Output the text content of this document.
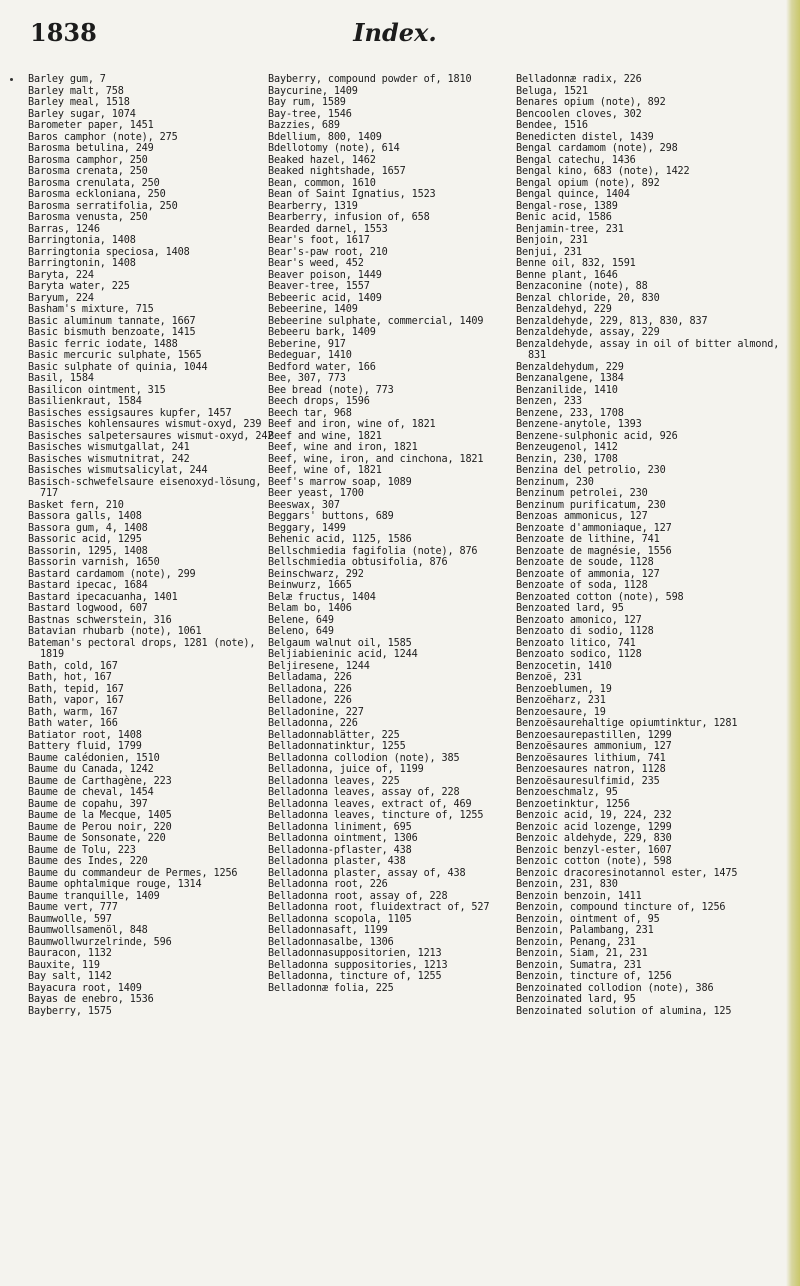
1838	Index.
Barley gum, 7
Barley malt, 758
Barley meal, 1518
Barley sugar, 1074
Barometer paper, 1451
Baros camphor (note), 275
Barosma betulina, 249
Barosma camphor, 250
Barosma crenata, 250
Barosma crenulata, 250
Barosma eckloniana, 250
Barosma serratifolia, 250
Barosma venusta, 250
Barras, 1246
Barringtonia, 1408
Barringtonia speciosa, 1408
Barringtonin, 1408
Baryta, 224
Baryta water, 225
Baryum, 224
Basham's mixture, 715
Basic aluminum tannate, 1667
Basic bismuth benzoate, 1415
Basic ferric iodate, 1488
Basic mercuric sulphate, 1565
Basic sulphate of quinia, 1044
Basil, 1584
Basilicon ointment, 315
Basilienkraut, 1584
Basisches essigsaures kupfer, 1457
Basisches kohlensaures wismut-oxyd, 239
Basisches salpetersaures wismut-oxyd, 242
Basisches wismutgallat, 241
Basisches wismutnitrat, 242
Basisches wismutsalicylat, 244
Basisch-schwefelsaure eisenoxyd-lösung, 717
Basket fern, 210
Bassora galls, 1408
Bassora gum, 4, 1408
Bassoric acid, 1295
Bassorin, 1295, 1408
Bassorin varnish, 1650
Bastard cardamom (note), 299
Bastard ipecac, 1684
Bastard ipecacuanha, 1401
Bastard logwood, 607
Bastnas schwerstein, 316
Batavian rhubarb (note), 1061
Bateman's pectoral drops, 1281 (note), 1819
Bath, cold, 167
Bath, hot, 167
Bath, tepid, 167
Bath, vapor, 167
Bath, warm, 167
Bath water, 166
Batiator root, 1408
Battery fluid, 1799
Baume calédonien, 1510
Baume du Canada, 1242
Baume de Carthagène, 223
Baume de cheval, 1454
Baume de copahu, 397
Baume de la Mecque, 1405
Baume de Perou noir, 220
Baume de Sonsonate, 220
Baume de Tolu, 223
Baume des Indes, 220
Baume du commandeur de Permes, 1256
Baume ophtalmique rouge, 1314
Baume tranquille, 1409
Baume vert, 777
Baumwolle, 597
Baumwollsamenöl, 848
Baumwollwurzelrinde, 596
Bauracon, 1132
Bauxite, 119
Bay salt, 1142
Bayacura root, 1409
Bayas de enebro, 1536
Bayberry, 1575
Bayberry, compound powder of, 1810
Baycurine, 1409
Bay rum, 1589
Bay-tree, 1546
Bazzies, 689
Bdellium, 800, 1409
Bdellotomy (note), 614
Beaked hazel, 1462
Beaked nightshade, 1657
Bean, common, 1610
Bean of Saint Ignatius, 1523
Bearberry, 1319
Bearberry, infusion of, 658
Bearded darnel, 1553
Bear's foot, 1617
Bear's-paw root, 210
Bear's weed, 452
Beaver poison, 1449
Beaver-tree, 1557
Bebeeric acid, 1409
Bebeerine, 1409
Bebeerine sulphate, commercial, 1409
Bebeeru bark, 1409
Beberine, 917
Bedeguar, 1410
Bedford water, 166
Bee, 307, 773
Bee bread (note), 773
Beech drops, 1596
Beech tar, 968
Beef and iron, wine of, 1821
Beef and wine, 1821
Beef, wine and iron, 1821
Beef, wine, iron, and cinchona, 1821
Beef, wine of, 1821
Beef's marrow soap, 1089
Beer yeast, 1700
Beeswax, 307
Beggars' buttons, 689
Beggary, 1499
Behenic acid, 1125, 1586
Bellschmiedia fagifolia (note), 876
Bellschmiedia obtusifolia, 876
Beinschwarz, 292
Beinwurz, 1665
Belæ fructus, 1404
Belam bo, 1406
Belene, 649
Beleno, 649
Belgaum walnut oil, 1585
Beljiabieninic acid, 1244
Beljiresene, 1244
Belladama, 226
Belladona, 226
Belladone, 226
Belladonine, 227
Belladonna, 226
Belladonnablätter, 225
Belladonnatinktur, 1255
Belladonna collodion (note), 385
Belladonna, juice of, 1199
Belladonna leaves, 225
Belladonna leaves, assay of, 228
Belladonna leaves, extract of, 469
Belladonna leaves, tincture of, 1255
Belladonna liniment, 695
Belladonna ointment, 1306
Belladonna-pflaster, 438
Belladonna plaster, 438
Belladonna plaster, assay of, 438
Belladonna root, 226
Belladonna root, assay of, 228
Belladonna root, fluidextract of, 527
Belladonna scopola, 1105
Belladonnasaft, 1199
Belladonnasalbe, 1306
Belladonnasuppositorien, 1213
Belladonna suppositories, 1213
Belladonna, tincture of, 1255
Belladonnæ folia, 225
Belladonnæ radix, 226
Beluga, 1521
Benares opium (note), 892
Bencoolen cloves, 302
Bendee, 1516
Benedicten distel, 1439
Bengal cardamom (note), 298
Bengal catechu, 1436
Bengal kino, 683 (note), 1422
Bengal opium (note), 892
Bengal quince, 1404
Bengal-rose, 1389
Benic acid, 1586
Benjamin-tree, 231
Benjoin, 231
Benjui, 231
Benne oil, 832, 1591
Benne plant, 1646
Benzaconine (note), 88
Benzal chloride, 20, 830
Benzaldehyd, 229
Benzaldehyde, 229, 813, 830, 837
Benzaldehyde, assay, 229
Benzaldehyde, assay in oil of bitter almond, 831
Benzaldehydum, 229
Benzanalgene, 1384
Benzanilide, 1410
Benzen, 233
Benzene, 233, 1708
Benzene-anytole, 1393
Benzene-sulphonic acid, 926
Benzeugenol, 1412
Benzin, 230, 1708
Benzina del petrolio, 230
Benzinum, 230
Benzinum petrolei, 230
Benzinum purificatum, 230
Benzoas ammonicus, 127
Benzoate d'ammoniaque, 127
Benzoate de lithine, 741
Benzoate de magnésie, 1556
Benzoate de soude, 1128
Benzoate of ammonia, 127
Benzoate of soda, 1128
Benzoated cotton (note), 598
Benzoated lard, 95
Benzoato amonico, 127
Benzoato di sodio, 1128
Benzoato litico, 741
Benzoato sodico, 1128
Benzocetin, 1410
Benzoë, 231
Benzoeblumen, 19
Benzoëharz, 231
Benzoesaure, 19
Benzoësaurehaltige opiumtinktur, 1281
Benzoesaurepastillen, 1299
Benzoësaures ammonium, 127
Benzoësaures lithium, 741
Benzoesaures natron, 1128
Benzoësauresulfimid, 235
Benzoeschmalz, 95
Benzoetinktur, 1256
Benzoic acid, 19, 224, 232
Benzoic acid lozenge, 1299
Benzoic aldehyde, 229, 830
Benzoic benzyl-ester, 1607
Benzoic cotton (note), 598
Benzoic dracoresinotannol ester, 1475
Benzoin, 231, 830
Benzoin benzoin, 1411
Benzoin, compound tincture of, 1256
Benzoin, ointment of, 95
Benzoin, Palambang, 231
Benzoin, Penang, 231
Benzoin, Siam, 21, 231
Benzoin, Sumatra, 231
Benzoin, tincture of, 1256
Benzoinated collodion (note), 386
Benzoinated lard, 95
Benzoinated solution of alumina, 125
